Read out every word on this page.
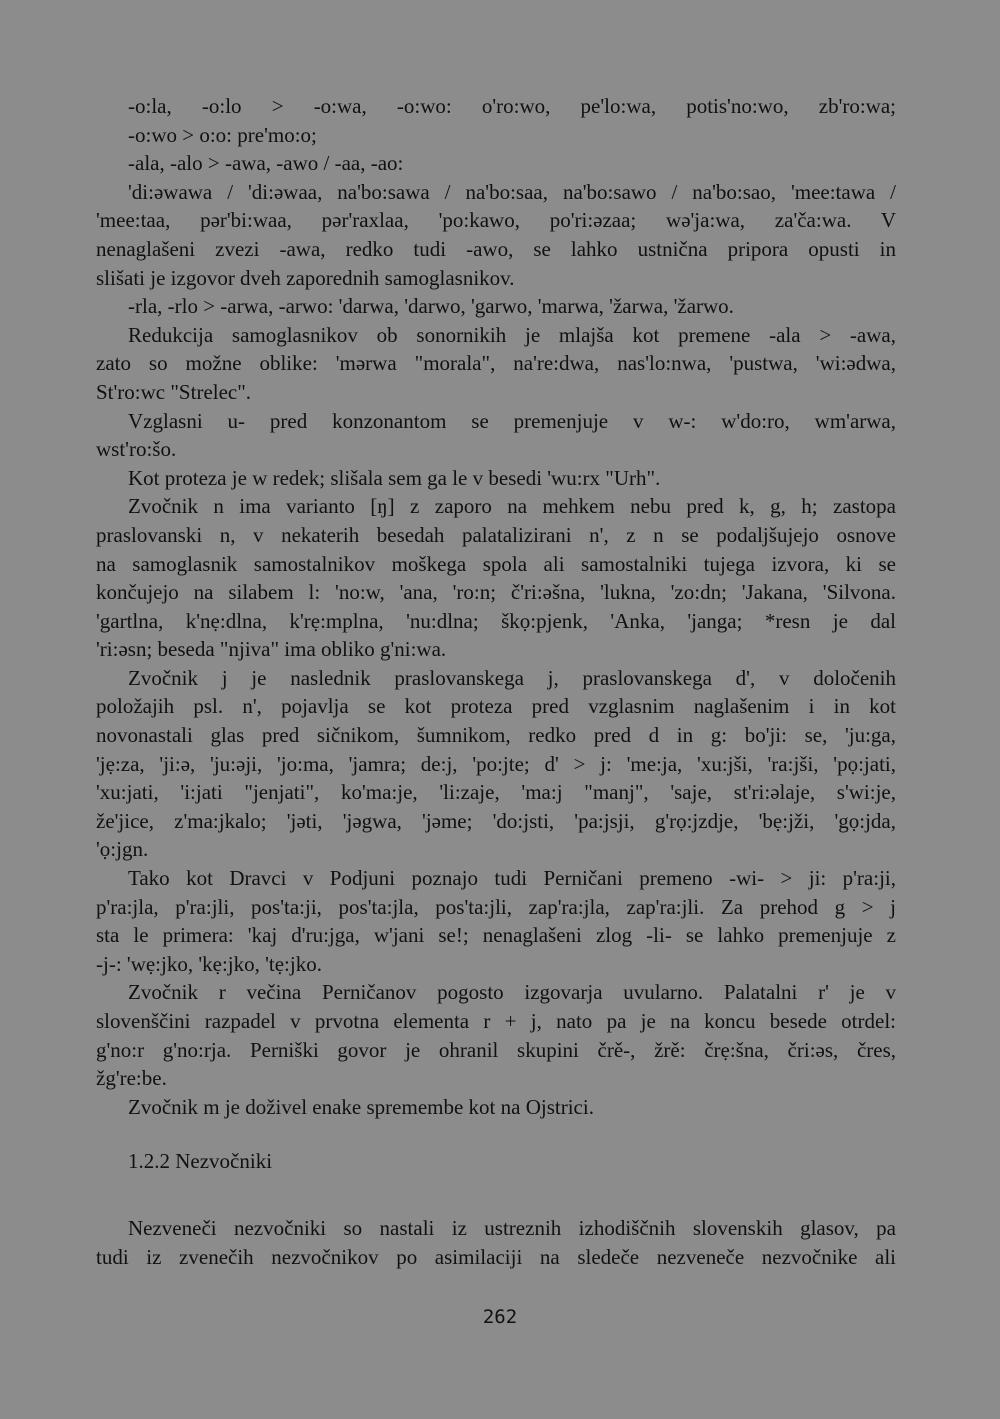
-o:la, -o:lo > -o:wa, -o:wo: o'ro:wo, pe'lo:wa, potis'no:wo, zb'ro:wa;
-o:wo > o:o: pre'mo:o;
-ala, -alo > -awa, -awo / -aa, -ao:
'di:əwawa / 'di:əwaa, na'bo:sawa / na'bo:saa, na'bo:sawo / na'bo:sao, 'mee:tawa /
'mee:taa, pər'bi:waa, pər'raxlaa, 'po:kawo, po'ri:əzaa; wə'ja:wa, za'ča:wa. V
nenaglašeni zvezi -awa, redko tudi -awo, se lahko ustnična pripora opusti in
slišati je izgovor dveh zaporednih samoglasnikov.
-rla, -rlo > -arwa, -arwo: 'darwa, 'darwo, 'garwo, 'marwa, 'žarwa, 'žarwo.
Redukcija samoglasnikov ob sonornikih je mlajša kot premene -ala > -awa,
zato so možne oblike: 'mərwa "morala", na're:dwa, nas'lo:nwa, 'pustwa, 'wi:ədwa,
St'ro:wc "Strelec".
Vzglasni u- pred konzonantom se premenjuje v w-: w'do:ro, wm'arwa,
wst'ro:šo.
Kot proteza je w redek; slišala sem ga le v besedi 'wu:rx "Urh".
Zvočnik n ima varianto [ŋ] z zaporo na mehkem nebu pred k, g, h; zastopa
praslovanski n, v nekaterih besedah palatalizirani n', z n se podaljšujejo osnove
na samoglasnik samostalnikov moškega spola ali samostalniki tujega izvora, ki se
končujejo na silabem l: 'no:w, 'ana, 'ro:n; č'ri:əšna, 'lukna, 'zo:dn; 'Jakana, 'Silvona.
'gartlna, k'nẹ:dlna, k'rẹ:mplna, 'nu:dlna; škọ:pjenk, 'Anka, 'janga; *resn je dal
'ri:əsn; beseda "njiva" ima obliko g'ni:wa.
Zvočnik j je naslednik praslovanskega j, praslovanskega d', v določenih
položajih psl. n', pojavlja se kot proteza pred vzglasnim naglašenim i in kot
novonastali glas pred sičnikom, šumnikom, redko pred d in g: bo'ji: se, 'ju:ga,
'jẹ:za, 'ji:ə, 'ju:əji, 'jo:ma, 'jamra; de:j, 'po:jte; d' > j: 'me:ja, 'xu:jši, 'ra:jši, 'pọ:jati,
'xu:jati, 'i:jati "jenjati", ko'ma:je, 'li:zaje, 'ma:j "manj", 'saje, st'ri:əlaje, s'wi:je,
že'jice, z'ma:jkalo; 'jəti, 'jəgwa, 'jəme; 'do:jsti, 'pa:jsji, g'rọ:jzdje, 'bẹ:jži, 'gọ:jda,
'ọ:jgn.
Tako kot Dravci v Podjuni poznajo tudi Perničani premeno -wi- > ji: p'ra:ji,
p'ra:jla, p'ra:jli, pos'ta:ji, pos'ta:jla, pos'ta:jli, zap'ra:jla, zap'ra:jli. Za prehod g > j
sta le primera: 'kaj d'ru:jga, w'jani se!; nenaglašeni zlog -li- se lahko premenjuje z
-j-: 'wẹ:jko, 'kẹ:jko, 'tẹ:jko.
Zvočnik r večina Perničanov pogosto izgovarja uvularno. Palatalni r' je v
slovenščini razpadel v prvotna elementa r + j, nato pa je na koncu besede otrdel:
g'no:r g'no:rja. Perniški govor je ohranil skupini črě-, žrě: črẹ:šna, čri:əs, čres,
žg're:be.
Zvočnik m je doživel enake spremembe kot na Ojstrici.
1.2.2 Nezvočniki
Nezveneči nezvočniki so nastali iz ustreznih izhodiščnih slovenskih glasov, pa
tudi iz zvenečih nezvočnikov po asimilaciji na sledeče nezveneče nezvočnike ali
262
